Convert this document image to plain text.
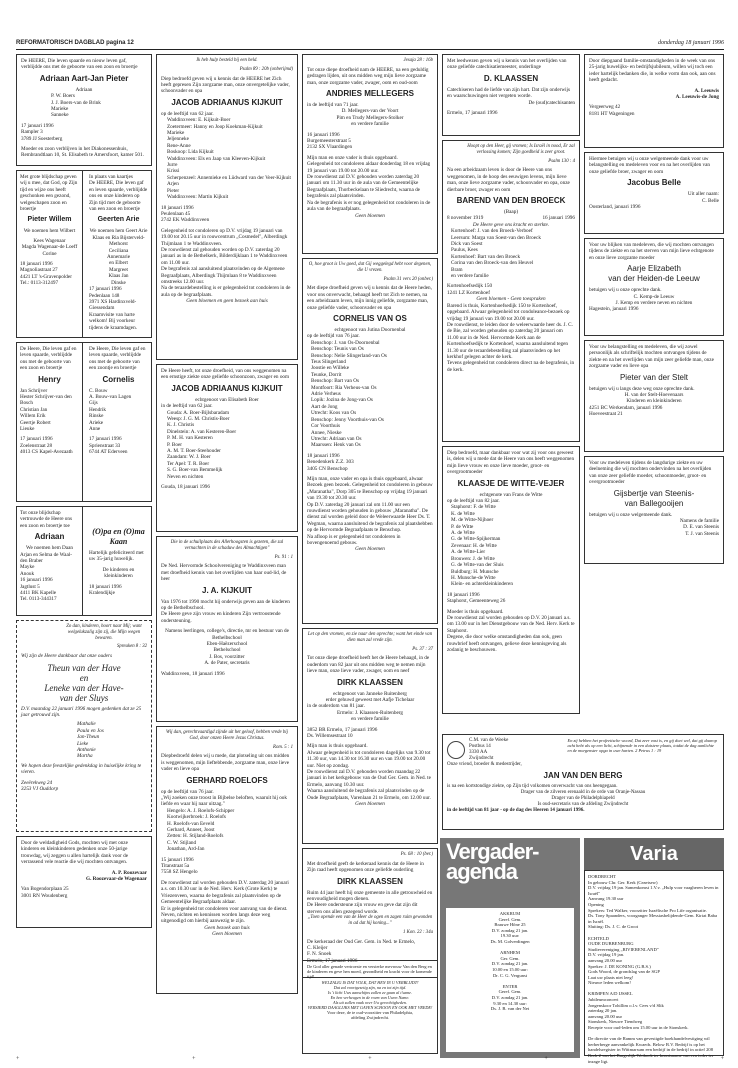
REFORMATORISCH DAGBLAD pagina 12	donderdag 18 januari 1996
De HEERE, Die leven spaarde en nieuw leven gaf, verblijdde ons met de geboorte van een zoon en broertje
Adriaan Aart-Jan Pieter
Adriaan
P. W. Boers
J. J. Boers-van de Brink
Marieke
Sanneke
17 januari 1996
Rampler 3
3789 JJ Soesterberg
Moeder en zoon verblijven in het Diakonessenhuis, Rembrandtlaan 10, St. Elisabeth te Amersfoort, kamer 501.
Met grote blijdschap geven wij u mee, dat God, op Zijn tijd en wijze ons heeft geschonken een gezond, welgeschapen zoon en broertje
Pieter Willem
We noemen hem Wilbert
Kees Wagenaar
Magda Wagenaar-de Loeff
Corine
18 januari 1996
Magnoliastraat 27
4421 LT 's-Gravenpolder
Tel.: 0113-312497
In plaats van kaartjes
De HEERE, Die leven gaf en leven spaarde, verblijdde ons en onze kinderen op Zijn tijd met de geboorte van een zoon en broertje
Geerten Arie
We noemen hem Geert Arie
Klaas en Ria Bijsterveld-Methorst
Ceciliana
Annemarie
en Elbert
Margreet
Klaas Jan
Dinske
17 januari 1996
Pedenlaan 148
3971 XS Hardinxveld-Giessendam
Kraamvisite van harte welkom! Bij voorkeur tijdens de kraamdagen.
De Heere, Die leven gaf en leven spaarde, verblijdde ons met de geboorte van een zoon en broertje
Henry
Jan Schrijver
Hester Schrijver-van den Bosch
Christian Jan
Willem Erik
Geertje Robert
Lieuke
17 januari 1996
Zoelenstraat 28
4013 CS Kapel-Avezaath
De Heere, Die leven gaf en leven spaarde, verblijdde ons met de geboorte van een zoontje en broertje
Cornelis
C. Bouw
A. Bouw-van Lagen
Gijs
Hendrik
Rinske
Arieke
Anne
17 januari 1996
Sprienstraat 33
6744 AT Ederveen
Tot onze blijdschap vertrouwde de Heere ons een zoon en broertje toe
Adriaan
We noemen hem Daan
Arjan en Selma de Waal-den Braber
Mayke
Anouk
16 januari 1996
Jagtlust 5
4411 BK Kapelle
Tel. 0113-344317
(O)pa en (O)ma Kaan
Hartelijk gefeliciteerd met uw 35-jarig huwelijk.
De kinderen en kleinkinderen
18 januari 1996
Kralendijkje
Zo dan, kinderen, hoort naar Mij; want welgelukzalig zijn zij, die Mijn wegen bewaren.
Spreuken 8 : 32
Wij zijn de Heere dankbaar dat onze ouders
Theun van der Have
en
Leneke van der Have-
van der Sluys
D.V. maandag 22 januari 1996 mogen gedenken dat ze 25 jaar getrouwd zijn.
Mathalie
Paula en Jos
Jan-Theun
Lieke
Anthonie
Martha
We hopen deze feestelijke gedenkdag in huiselijke kring te vieren.
Zeeërekweg 24
3253 VJ Ouddorp
Door de weldadigheid Gods, mochten wij met onze kinderen en kleinkinderen gedenken onze 50-jarige trouwdag, wij zeggen u allen hartelijk dank voor de verrassend vele reactie die wij mochten ontvangen.
A. P. Roozevaar
G. Roozevaar-de Wagenaar
Van Bogendorplaan 25
3001 RN Woudenberg
Ik heb hulp besteld bij een held.
Psalm 89 : 20b (onberijmd)
Diep bedroefd geven wij u kennis dat de HEERE het Zich heeft gepresen Zijn zorgzame man, onze onvergetelijke vader, schoonvader en opa
JACOB ADRIAANUS KIJKUIT
op de leeftijd van 62 jaar.
Waddinxveen: E. Kijkuit-Boer
Zoetermeer: Hanny en Joop Koekman-Kijkuit
Marieke
Jeljenneke
Rene-Anne
Boskoop: Lida Kijkuit
Waddinxveen: Els en Jaap van Kleeven-Kijkuit
Jurre
Krissi
Scherpenzeel: Annemieke en Lüdward van der Veer-Kijkuit
Arjen
Pieter
Waddinxveen: Martin Kijkuit
18 januari 1996
Peulenlaan 45
2742 EK Waddinxveen
Gelegenheid tot condoleren op D.V. vrijdag 19 januari van 19.00 tot 20.15 uur in rouwcentrum „Cosmedel", Alberdingk Thijmlaan 1 te Waddinxveen.
De rouwdienst zal gehouden worden op D.V. zaterdag 20 januari as in de Bethelkerk, Bilderdijklaan 1 te Waddinxveen om 11.00 uur.
De begrafenis zal aansluitend plaatsvinden op de Algemene Begraafplaats, Alberdingk Thijmlaan 8 te Waddinxveen omstreeks 12.00 uur.
Na de teraardebestelling is er gelegenheid tot condoleren in de aula op de begraafplaats.
Geen bloemen en geen bezoek aan huis
De Heere heeft, tot onze droefheid, van ons weggenomen na een ernstige ziekte onze geliefde schoonzoon, zwager en oom
JACOB ADRIAANUS KIJKUIT
echtgenoot van Elisabeth Boer
in de leeftijd van 62 jaar.
Gouda: A. Boer-Bijlsbaradam
Weesp: J. G. M. Christis-Boer
K. J. Christis
Dinelstein: A. van Kesteren-Boer
P. M. H. van Kesteren
P. Boer
A. M. T. Boer-Steehouder
Zaandam: W. J. Boer
Ter Apel: T. R. Boer
S. G. Boer-van Bemmelijk
Neven en nichten
Gouda, 18 januari 1996
Die in de schuilplaats des Allerhoogsten is gezeten, die zal vernachten in de schaduw des Almachtigen"
Ps. 91 : 1
De Ned. Hervormde Schoolvereniging te Waddinxveen man met droefheid kennis van het overlijden van haar oud-lid, de heer
J. A. KIJKUIT
Van 1976 tot 1990 mocht hij onderwijs geven aan de kinderen op de Bethelbschool.
De Heere geve zijn vrouw en kinderen Zijn vertroostende ondersteuning.
Namens leerlingen, college's, directie, mr en bestuur van de Bethelbschool
Eben-Haëzerschool
Bethelschool
J. Bos, voorzitter
A. de Pater, secretaris
Waddinxveen, 18 januari 1996
Wij dan, gerechtvaardigd zijnde uit het geloof, hebben vrede bij God, door onzen Heere Jezus Christus.
Rom. 5 : 1
Diepbedroefd delen wij u mede, dat plotseling uit ons midden is weggenomen, mijn lieftebbende, zorgzame man, onze lieve vader en lieve opa
GERHARD ROELOFS
op de leeftijd van 76 jaar.
„Wij zoeken onze troost in Bijbelse beloften, waaruit hij ook liefde en waar hij naar uitzag."
Hengelo: A. J. Roelofs-Schipper
Kootwijkerbroek: J. Roelofs
H. Roelofs-van Eeveld
Gerhard, Anneet, Joost
Zetten: H. Stijland-Roelofs
C. W. Stijland
Jonathan, Ard-Jan
15 januari 1996
Titanstraat 5a
7558 SZ Hengelo
De rouwdienst zal worden gehouden D.V. zaterdag 20 januari a.s. om 10.30 uur in de Ned. Herv. Kerk (Grote Kerk) te Vriezenveen, waarna de begrafenis zal plaatsvinden op de Gemeentelijke Begraafplaats aldaar.
Er is gelegenheid tot condoleren voor aanvang van de dienst.
Neven, nichten en kennissen worden langs deze weg uitgenodigd om hierbij aanwezig te zijn.
Geen bezoek aan huis
Geen bloemen
Jesaja 28 : 16b
Tot onze diepe droefheid nam de HEERE, na een geduldig gedragen lijden, uit ons midden weg mijn lieve zorgzame man, onze zorgzame vader, zwager, oom en oud-oom
ANDRIES MELLEGERS
in de leeftijd van 71 jaar.
D. Mellegers-van der Voort
Pim en Trudy Mellegers-Stolker
en verdere familie
16 januari 1996
Burgemeesterstraat 5
2132 SX Vlaardingen
Mijn man en onze vader is thuis opgebaard.
Gelegenheid tot condoleren aldaar donderdag 18 en vrijdag 19 januari van 19.00 tot 20.00 uur.
De rouwdienst zal D.V. gehouden worden zaterdag 20 januari om 11.30 uur in de aula van de Gemeentelijke Begraafplaats, Thorbeckelaan te Sliedrecht, waarna de begrafenis zal plaatsvinden.
Na de begrafenis is er nog gelegenheid tot condoleren in de aula van de begraafplaats.
Geen bloemen
O, hoe groot is Uw goed, dat Gij weggelegd hebt voor degenen, die U vrezen.
Psalm 31 vers 20 (onber.)
Met diepe droefheid geven wij u kennis dat de Heere heden, voor ons onverwacht, behaagd heeft tot Zich te nemen, na een arbeidzaam leven, mijn innig geliefde, zorgzame man, onze geliefde vader, schoonvader en opa
CORNELIS VAN OS
echtgenoot van Jutina Doornenbal
op de leeftijd van 76 jaar.
Benschop: J. van Os-Doornenbal
Benschop: Teunis van Os
Benschop: Nelie Slingerland-van Os
Teus Slingerland
Joostie en Willeke
Teunke, Dorrit
Benschop: Bart van Os
Montfoort: Ria Verheus-van Os
Adrie Verheus
Lopik: Jozina de Jong-van Os
Aart de Jong
Utrecht: Koos van Os
Benschop: Jenny Voorthuis-van Os
Cor Voorthuis
Annee, Nieske
Utrecht: Adriaan van Os
Maarssen: Henk van Os
18 januari 1996
Benedenkerk Z.Z. 303
3405 CN Benschop
Mijn man, onze vader en opa is thuis opgebaard, alwaar Bezoek geen bezoek. Gelegenheid tot condoleren in gebouw „Maranatha", Dorp 305 te Benschop op vrijdag 19 januari van 19.30 tot 20.30 uur.
Op D.V. zaterdag 20 januari zal om 11.00 uur een rouwdienst worden gehouden in gebouw „Maranatha". De dienst zal worden geleid door de Weleerwaarde Heer Ds. T. Wegman, waarna aansluitend de begrafenis zal plaatshebben op de Hervormde Begraafplaats te Benschop.
Na afloop is er gelegenheid tot condoleren in bovengenoemd gebouw.
Geen bloemen
Let op den vromen, en zie naar den oprechte; want het einde van dien man zal vrede zijn.
Ps. 37 : 37
Tot onze diepe droefheid heeft het de Heere behaagd, in de ouderdom van 82 jaar uit ons midden weg te nemen mijn lieve man, onze lieve vader, zwager, oom en neef
DIRK KLAASSEN
echtgenoot van Janneke Ruitenberg
erder gehuwd geweest met Aafje Tichelaar
in de ouderdom van 81 jaar.
Ermelo: J. Klaassen-Ruitenberg
en verdere familie
3852 BR Ermelo, 17 januari 1996
Ds. Willemsestraat 10
Mijn man is thuis opgebaard.
Alwaar gelegenheid is tot condoleren dagelijks van 9.30 tot 11.30 uur, van 14.30 tot 16.30 uur en van 19.00 tot 20.00 uur. Niet op zondag.
De rouwdienst zal D.V. gehouden worden maandag 22 januari in het kerkgebouw van de Oud Ger. Gem. in Ned. te Ermelo, aanvang 10.30 uur.
Waarna aansluitend de begrafenis zal plaatsvinden op de Oude Begraafplaats, Varenlaan 21 te Ermelo, om 12.00 uur.
Geen bloemen
Ps. 68 : 10 (ber.)
Met droefheid geeft de kerkeraad kennis dat de Heere in Zijn raad heeft opgenomen onze geliefde ouderling
DIRK KLAASSEN
Ruim 44 jaar heeft hij onze gemeente in alle getrouwheid en eenvoudigheid mogen dienen.
De Heere ondersteune zijn vrouw en geve dat zijn dit sterven ons allen gezegend worde.
„Toen opende een van de Heer de ogen en zagen ruim gewonden in ad dat hij koning..."
1 Kon. 22 : 34a
De kerkeraad der Oud Ger. Gem. in Ned. te Ermelo,
C. Kleijer
F. N. Snoek
Ermelo, 17 januari 1996
Met leedwezen geven wij u kennis van het overlijden van onze geliefde catechisatiemeester, onderlinge
D. KLAASSEN
Catechiseren had de liefde van zijn hart. Dat zijn onderwijs en waarschuwingen niet vergeten worde.
De (oud)catechisanten
Ermelo, 17 januari 1996
Hoopt op den Heer, gij vromen; Is Israël in nood, Er zal verlossing komen; Zijn goedheid is zeer groot.
Psalm 130 : 4
Na een arbeidzaam leven is door de Heere van ons weggenomen, in de hoop des eeuwigen levens, mijn lieve man, onze lieve zorgzame vader, schoonvader en opa, onze dierbare broer, zwager en oom
BAREND VAN DEN BROECK
(Baap)
8 november 1919	16 januari 1996
De Heere geve ons kracht en sterkte.
Kortenhoef: J. van den Broeck-Verboef
Leersum: Marga van Soest-van den Broeck
Dick van Soest
Paulus, Kees
Kortenhoef: Bart van den Broeck
Corina van den Broeck-van den Heuvel
Bram
en verdere familie
Kortenhoefsedijk 150
1241 LZ Kortenhoef
Geen bloemen - Geen toespraken
Barend is thuis, Kortenhoefsedijk 150 te Kortenhoef, opgebaard. Alwaar gelegenheid tot condoleance-bezoek op vrijdag 19 januari van 19.00 tot 20.00 uur.
De rouwdienst, te leiden door de weleerwaarde heer ds. J. C. de Bie, zal worden gehouden op zaterdag 20 januari om 11.00 uur in de Ned. Hervormde Kerk aan de Kortenhoefsedijk te Kortenhoef, waarna aansluitend tegen 11.30 uur de teraardebestelling zal plaatsvinden op het kerkhof gelegen achter de kerk.
Tevens gelegenheid tot condoleren direct na de begrafenis, in de kerk.
Diep bedroefd, maar dankbaar voor wat zij voor ons geweest is, delen wij u mede dat de Heere van ons heeft weggenomen mijn lieve vrouw en onze lieve moeder, groot- en overgrootmoeder
KLAASJE DE WITTE-VEJER
echtgenote van Frans de Witte
op de leeftijd van 82 jaar.
Staphorst: F. de Witte
K. de Witte
M. de Witte-Nijhoer
P. de Witte
A. de Witte
G. de Witte-Spijkerman
Zevenaar: H. de Witte
A. de Witte-Lier
Brouwen: J. de Witte
G. de Witte-van der Sluis
Buldburg: H. Munsche
H. Munsche-de Witte
Klein- en achterkleinkinderen
18 januari 1996
Staphorst, Gemeenteweg 26
Moeder is thuis opgebaard.
De rouwdienst zal worden gehouden op D.V. 20 januari a.s. om 13.00 uur in het Dienstgebouw van de Ned. Herv. Kerk te Staphorst.
Degene, die door welke omstandigheden dan ook, geen rouwbrief heeft ontvangen, gelieve deze kennisgeving als zodanig te beschouwen.
Door diepgaand familie-omstandigheden in de week van ons 25-jarig huwelijks- en bedrijfsjubileum, willen wij toch een ieder hartelijk bedanken die, in welke vorm dan ook, aan ons heeft gedacht.
A. Leeuwis
A. Leeuwis-de Jong
Vergeerweg 42
8181 HT Wageningen
Hiermee betuigen wij u onze welgemeende dank voor uw belangstelling en medeleven voor en na het overlijden van onze geliefde broer, zwager en oom
Jacobus Belle
Uit aller naam:
C. Belle
Oosterland, januari 1996
Voor uw blijken van medeleven, die wij mochten ontvangen tijdens de ziekte en na het sterven van mijn lieve echtgenote en onze lieve zorgzame moeder
Aarje Elizabeth
van der Heiden-de Leeuw
betuigen wij u onze oprechte dank.
C. Kemp-de Leeuw
J. Kemp en verdere neven en nichten
Hagestein, januari 1996
Voor uw belangstelling en medeleven, die wij zowel persoonlijk als schriftelijk mochten ontvangen tijdens de ziekte en na het overlijden van mijn zeer geliefde man, onze zorgzame vader en lieve opa
Pieter van der Stelt
betuigen wij u langs deze weg onze oprechte dank.
H. van der Stelt-Hoevenaars
Kinderen en kleinkinderen
4251 BC Werkendam, januari 1996
Hoeveestraat 21
Voor uw medeleven tijdens de langdurige ziekte en uw deelneming die wij mochten ondervinden na het overlijden van onze zeer geliefde moeder, schoonmoeder, groot- en overgrootmoeder
Gijsbertje van Steenis-
van Ballegooijen
betuigen wij u onze welgemeende dank.
Namens de familie
D. E. van Steenis
T. J. van Steenis
C.M. van de Weeke
Postbus 14
3330 AA
Zwijndrecht
En zij hebben het profeetische woord, Dat zeer vast is, en gij doet wel, dat gij daarop acht hebt als op een licht, schijnende in een duistere plaats, totdat de dag aanlichte en de morgenster opga in uwe harten. 2 Petrus 1 : 19
Onze vriend, broeder & medestrijder,
JAN VAN DEN BERG
is na een kortstondige ziekte, op Zijn tijd volkomen onverwacht van ons heengegaan.
Drager van de zilveren erenaald in de orde van Oranje-Nassau
Drager van de Philadelphiapeld
Is oud-secretaris van de afdeling Zwijndrecht
in de leeftijd van 81 jaar - op de dag des Heeren 14 januari 1996.
Vergader-agenda
AKKRUM
Geref. Gem.
Brauwe Hône 25
D.V. zondag 21 jan.
19.30 uur:
Ds. M. Golverdingen

ARNHEM
Ger. Gem.
D.V. zondag 21 jan.
10.00 en 15.00 uur:
Dr. C. G. Vergunst

ENTER
Geref. Gem.
D.V. zondag 21 jan.
9.30 en 14.30 uur:
Ds. J. B. van der Net
Varia
DORDRECHT
In gebouw Chr. Ger. Kerk (Ceaetsew)
D.V. vrijdag 19 jan. Samenkomst 1.V.v. „Hulp voor vaagheren leven in Israël"
Aanvang 19.30 uur
Opening
Sprekers: Ted Walker, voorzitter Israëlische Pro Life organisatie.
Ds. Tony Spaanders, voorganger Messiasbelijdende-Gem. Kiriat Baba in Israël.
Sluiting: Ds. J. C. de Groot

ECHTELD
OUDE DUBBENBURG
Studievereniging „RIVIERENLAND"
D.V. vrijdag 19 jan.
aanvang 20.00 uur
Spreker: J. DE KONING (G.B.S.)
Gods Woord, de grondslag van de SGP
Laat uw plaats niet leeg!
Nieuwe leden welkom!

KRIMPEN A/D IJSSEL
Jubileumconcert
Jongenskoor Tohillim o.l.v. Cees v/d Slik
zaterdag 20 jan.
aanvang 20.00 uur
Sionskerk, Nieuwe Tiendweg
Recepte voor oud-leden om 15.00 uur in de Sionskerk.

De directie van de Ramm van gevestigde boekhandelvestiging wil herberberge aanvankelijk Kwaeds. Below B.V. Bedrijf is op het handelsregister in Wittmarsum een bedrijf in de bedrijf in actief 208 Beek 2 van het Burgerlijk Wetboek ter kennisname van een ieder ter inzage ligt.
De God aller genade vertroeste en versterke mevrouw Van den Berg en de kinderen en geve hen moed, gezondheid en kracht voor de komende tijd!
WELZALIG IS DAT VOLK, DAT HEN IN U VERBLIJDT!
Dat zal voortgesetig zijn, na en tot zijn tijd.
Is 't licht Uws aanschijns zullen ze gaan al t'same.
En hen verheugen in de roem van Uwen Name.
Als uit zullen vaak over Uw gerechtigheden.
VERSIERD DAAGLIJKS MET GAVEN SCHOON EN OOK MET VREDE!
Voor deze, de te oud-voorzitter van Philadelphia,
afdeling Zwijndrecht.
+	+	+	+	+
